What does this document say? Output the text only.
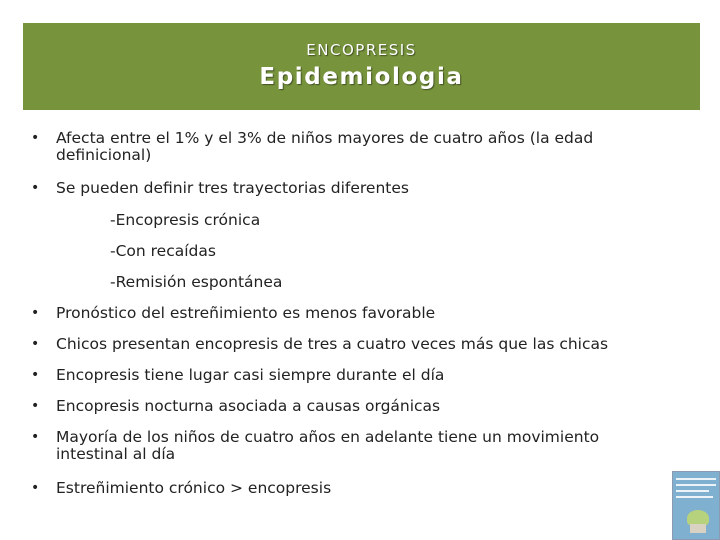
ENCOPRESIS
Epidemiologia
• Afecta entre el 1% y el 3% de niños mayores de cuatro años (la edad definicional)
• Se pueden definir tres trayectorias diferentes
-Encopresis crónica
-Con recaídas
-Remisión espontánea
• Pronóstico del estreñimiento es menos favorable
• Chicos presentan encopresis de tres a cuatro veces más que las chicas
• Encopresis tiene lugar casi siempre durante el día
• Encopresis nocturna asociada a causas orgánicas
• Mayoría de los niños de cuatro años en adelante tiene un movimiento intestinal al día
• Estreñimiento crónico > encopresis
